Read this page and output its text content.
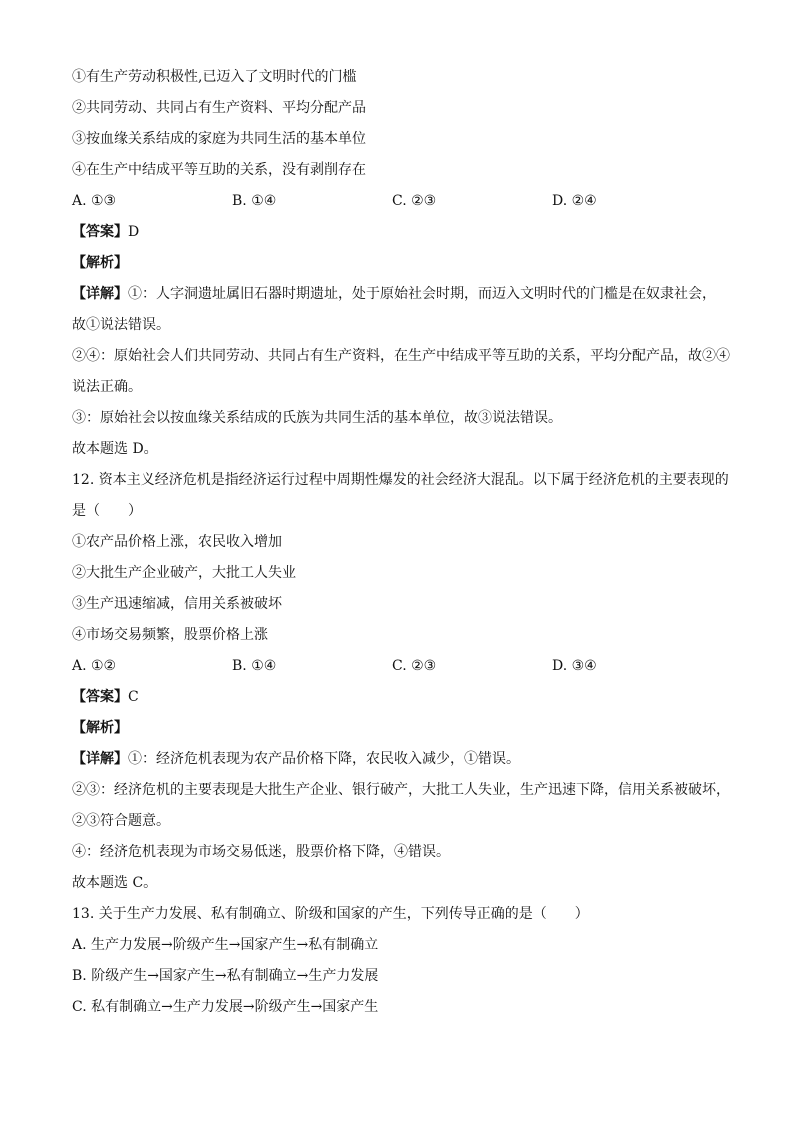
①有生产劳动积极性,已迈入了文明时代的门槛
②共同劳动、共同占有生产资料、平均分配产品
③按血缘关系结成的家庭为共同生活的基本单位
④在生产中结成平等互助的关系，没有剥削存在
A. ①③	B. ①④	C. ②③	D. ②④
【答案】D
【解析】
【详解】①：人字洞遗址属旧石器时期遗址，处于原始社会时期，而迈入文明时代的门槛是在奴隶社会，
故①说法错误。
②④：原始社会人们共同劳动、共同占有生产资料，在生产中结成平等互助的关系，平均分配产品，故②④
说法正确。
③：原始社会以按血缘关系结成的氏族为共同生活的基本单位，故③说法错误。
故本题选 D。
12. 资本主义经济危机是指经济运行过程中周期性爆发的社会经济大混乱。以下属于经济危机的主要表现的
是（　　）
①农产品价格上涨，农民收入增加
②大批生产企业破产，大批工人失业
③生产迅速缩减，信用关系被破坏
④市场交易频繁，股票价格上涨
A. ①②	B. ①④	C. ②③	D. ③④
【答案】C
【解析】
【详解】①：经济危机表现为农产品价格下降，农民收入减少，①错误。
②③：经济危机的主要表现是大批生产企业、银行破产，大批工人失业，生产迅速下降，信用关系被破坏，
②③符合题意。
④：经济危机表现为市场交易低迷，股票价格下降，④错误。
故本题选 C。
13. 关于生产力发展、私有制确立、阶级和国家的产生，下列传导正确的是（　　）
A. 生产力发展→阶级产生→国家产生→私有制确立
B. 阶级产生→国家产生→私有制确立→生产力发展
C. 私有制确立→生产力发展→阶级产生→国家产生
